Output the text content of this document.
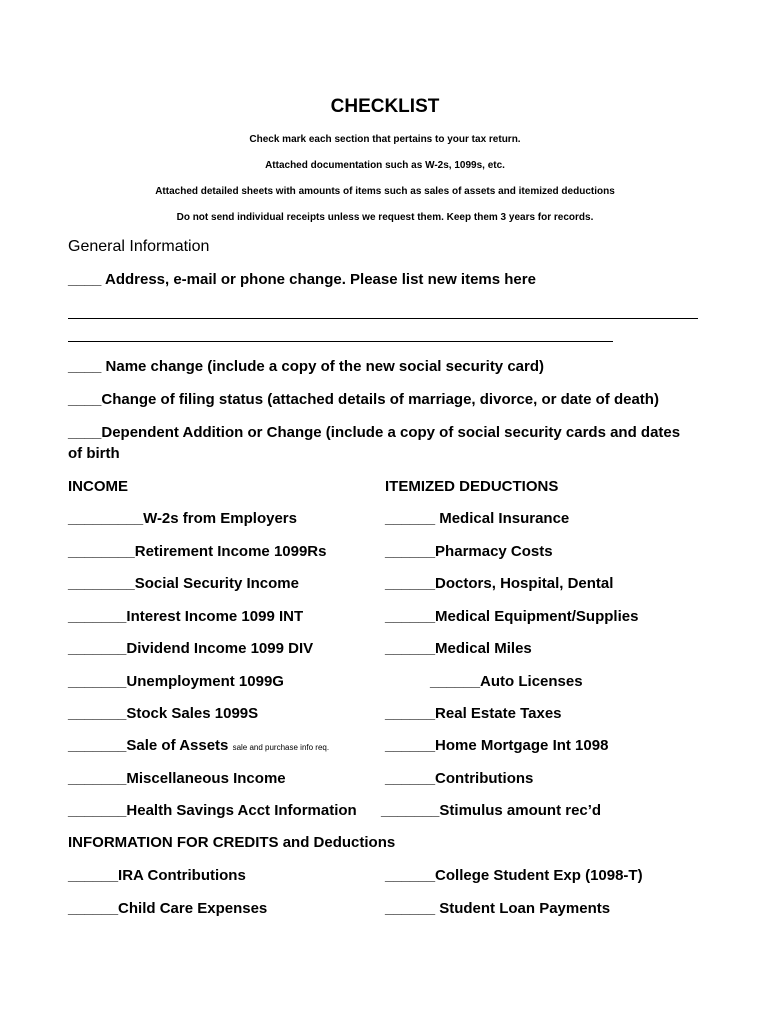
CHECKLIST
Check mark each section that pertains to your tax return.
Attached documentation such as W-2s, 1099s, etc.
Attached detailed sheets with amounts of items such as sales of assets and itemized deductions
Do not send individual receipts unless we request them. Keep them 3 years for records.
General Information
____ Address, e-mail or phone change. Please list new items here
____ Name change (include a copy of the new social security card)
____Change of filing status (attached details of marriage, divorce, or date of death)
____Dependent Addition or Change (include a copy of social security cards and dates
of birth
INCOME	ITEMIZED DEDUCTIONS
_________W-2s from Employers
________Retirement Income 1099Rs
________Social Security Income
_______Interest Income 1099 INT
_______Dividend Income 1099 DIV
_______Unemployment 1099G
_______Stock Sales 1099S
_______Sale of Assets sale and purchase info req.
_______Miscellaneous Income
_______Health Savings Acct Information
______ Medical Insurance
______Pharmacy Costs
______Doctors, Hospital, Dental
______Medical Equipment/Supplies
______Medical Miles
______Auto Licenses
______Real Estate Taxes
______Home Mortgage Int 1098
______Contributions
_______Stimulus amount rec’d
INFORMATION FOR CREDITS and Deductions
______IRA Contributions
______Child Care Expenses
______College Student Exp (1098-T)
______ Student Loan Payments
